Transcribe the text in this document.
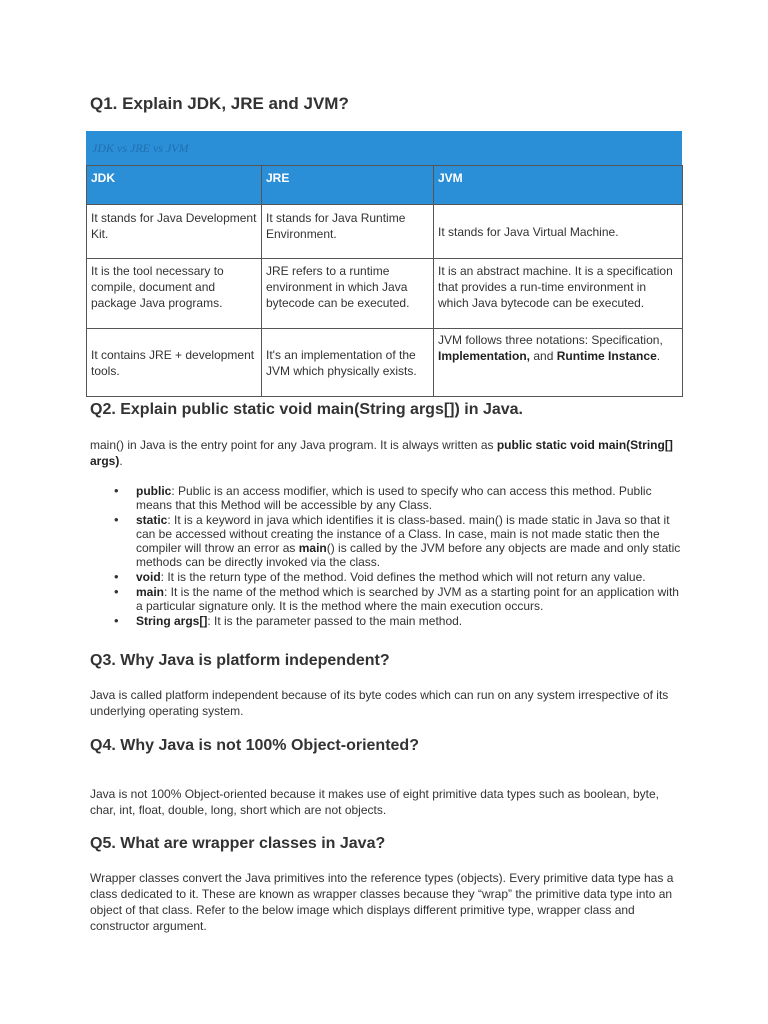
Q1. Explain JDK, JRE and JVM?
JDK vs JRE vs JVM
JDK	JRE	JVM
It stands for Java Development Kit.	It stands for Java Runtime Environment.	It stands for Java Virtual Machine.
It is the tool necessary to compile, document and package Java programs.	JRE refers to a runtime environment in which Java bytecode can be executed.	It is an abstract machine. It is a specification that provides a run-time environment in which Java bytecode can be executed.
It contains JRE + development tools.	It's an implementation of the JVM which physically exists.	JVM follows three notations: Specification, Implementation, and Runtime Instance.
Q2. Explain public static void main(String args[]) in Java.

main() in Java is the entry point for any Java program. It is always written as public static void main(String[] args).

• public: Public is an access modifier, which is used to specify who can access this method. Public means that this Method will be accessible by any Class.
• static: It is a keyword in java which identifies it is class-based. main() is made static in Java so that it can be accessed without creating the instance of a Class. In case, main is not made static then the compiler will throw an error as main() is called by the JVM before any objects are made and only static methods can be directly invoked via the class.
• void: It is the return type of the method. Void defines the method which will not return any value.
• main: It is the name of the method which is searched by JVM as a starting point for an application with a particular signature only. It is the method where the main execution occurs.
• String args[]: It is the parameter passed to the main method.
Q3. Why Java is platform independent?

Java is called platform independent because of its byte codes which can run on any system irrespective of its underlying operating system.

Q4. Why Java is not 100% Object-oriented?

Java is not 100% Object-oriented because it makes use of eight primitive data types such as boolean, byte, char, int, float, double, long, short which are not objects.

Q5. What are wrapper classes in Java?

Wrapper classes convert the Java primitives into the reference types (objects). Every primitive data type has a class dedicated to it. These are known as wrapper classes because they “wrap” the primitive data type into an object of that class. Refer to the below image which displays different primitive type, wrapper class and constructor argument.
